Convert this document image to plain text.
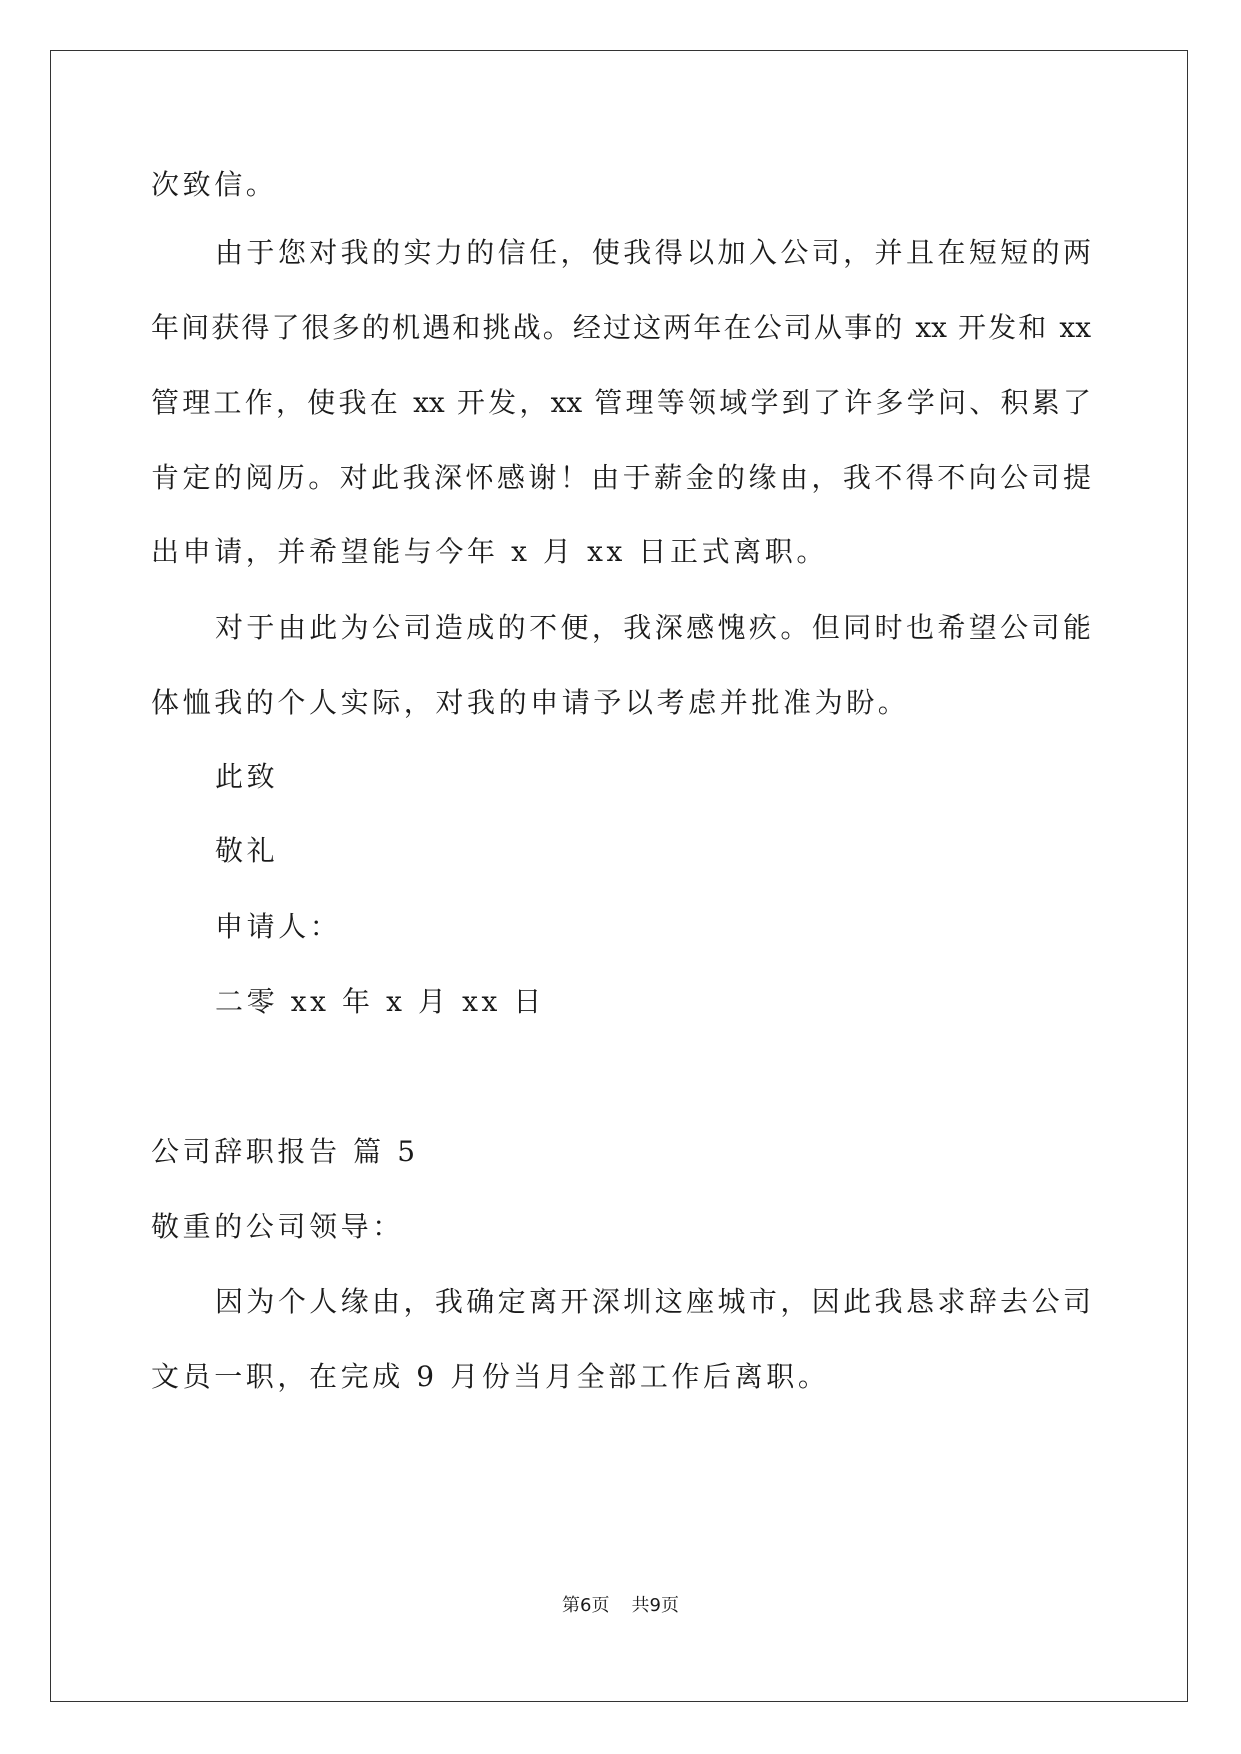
次致信。
由于您对我的实力的信任，使我得以加入公司，并且在短短的两
年间获得了很多的机遇和挑战。经过这两年在公司从事的 xx 开发和 xx
管理工作，使我在 xx 开发，xx 管理等领域学到了许多学问、积累了
肯定的阅历。对此我深怀感谢！由于薪金的缘由，我不得不向公司提
出申请，并希望能与今年 x 月 xx 日正式离职。
对于由此为公司造成的不便，我深感愧疚。但同时也希望公司能
体恤我的个人实际，对我的申请予以考虑并批准为盼。
此致
敬礼
申请人：
二零 xx 年 x 月 xx 日
公司辞职报告 篇 5
敬重的公司领导：
因为个人缘由，我确定离开深圳这座城市，因此我恳求辞去公司
文员一职，在完成 9 月份当月全部工作后离职。
第6页 共9页
